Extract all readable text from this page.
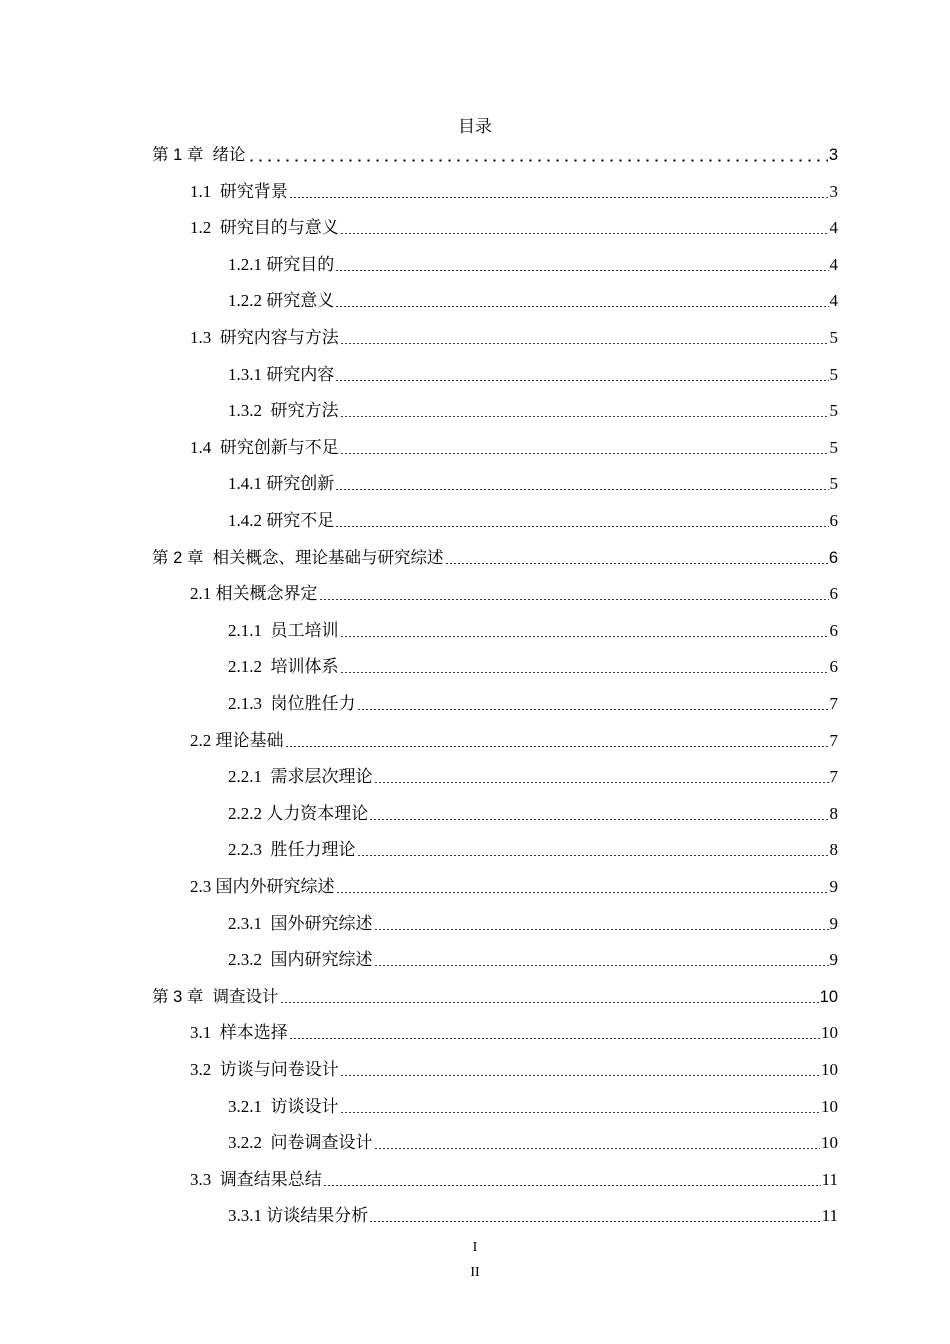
目录
第 1 章  绪论	3
1.1  研究背景	3
1.2  研究目的与意义	4
1.2.1 研究目的	4
1.2.2 研究意义	4
1.3  研究内容与方法	5
1.3.1 研究内容	5
1.3.2  研究方法	5
1.4  研究创新与不足	5
1.4.1 研究创新	5
1.4.2 研究不足	6
第 2 章  相关概念、理论基础与研究综述	6
2.1 相关概念界定	6
2.1.1  员工培训	6
2.1.2  培训体系	6
2.1.3  岗位胜任力	7
2.2 理论基础	7
2.2.1  需求层次理论	7
2.2.2 人力资本理论	8
2.2.3  胜任力理论	8
2.3 国内外研究综述	9
2.3.1  国外研究综述	9
2.3.2  国内研究综述	9
第 3 章  调查设计	10
3.1  样本选择	10
3.2  访谈与问卷设计	10
3.2.1  访谈设计	10
3.2.2  问卷调查设计	10
3.3  调查结果总结	11
3.3.1 访谈结果分析	11
I
II
